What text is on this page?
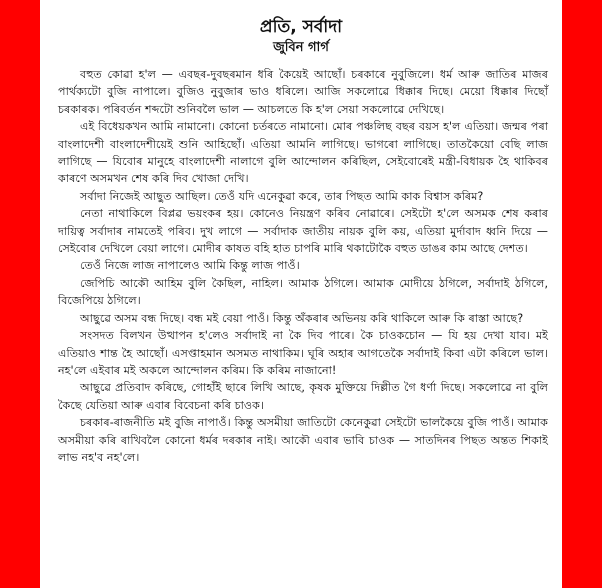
প্ৰতি, সৰ্বাদা
জুবিন গাৰ্গ

বহুত কোৱা হ'ল — এবছৰ-দুবছৰমান ধৰি কৈয়েই আছোঁ। চৰকাৰে নুবুজিলে। ধৰ্ম আৰু জাতিৰ মাজৰ পাৰ্থক্যটো বুজি নাপালে। বুজিও নুবুজাৰ ভাও ধৰিলে। আজি সকলোৱে ধিক্কাৰ দিছে। মেয়ো ধিক্কাৰ দিছোঁ চৰকাৰক। পৰিবৰ্তন শব্দটো শুনিবলৈ ভাল — আচলতে কি হ'ল সেয়া সকলোৱে দেখিছে।

এই বিধেয়কখন আমি নামানো। কোনো চৰ্তৰতে নামানো। মোৰ পঞ্চলিছ বছৰ বয়স হ'ল এতিয়া। জন্মৰ পৰা বাংলাদেশী বাংলাদেশীয়েই শুনি আহিছোঁ। এতিয়া আমনি লাগিছে। ভাগৰো লাগিছে। তাতকৈয়ো বেছি লাজ লাগিছে — যিবোৰ মানুহে বাংলাদেশী নালাগে বুলি আন্দোলন কৰিছিল, সেইবোৰেই মন্ত্ৰী-বিধায়ক হৈ থাকিবৰ কাৰণে অসমখন শেষ কৰি দিব খোজা দেখি।

সৰ্বাদা নিজেই আছুত আছিল। তেওঁ যদি এনেকুৱা কৰে, তাৰ পিছত আমি কাক বিশ্বাস কৰিম?

নেতা নাথাকিলে বিপ্লৱ ভয়ংকৰ হয়। কোনেও নিয়ন্ত্ৰণ কৰিব নোৱাৰে। সেইটো হ'লে অসমক শেষ কৰাৰ দায়িত্ব সৰ্বাদাৰ নামতেই পৰিব। দুখ লাগে — সৰ্বাদাক জাতীয় নায়ক বুলি কয়, এতিয়া মুৰ্দাবাদ ধ্বনি দিয়ে — সেইবোৰ দেখিলে বেয়া লাগে। মোদীৰ কাষত বহি হাত চাপৰি মাৰি থকাটোকৈ বহুত ডাঙৰ কাম আছে দেশত।

তেওঁ নিজে লাজ নাপালেও আমি কিন্তু লাজ পাওঁ।

জেপিচি আকৌ আহিম বুলি কৈছিল, নাহিল। আমাক ঠগিলে। আমাক মোদীয়ে ঠগিলে, সৰ্বাদাই ঠগিলে, বিজেপিয়ে ঠগিলে।

আছুৱে অসম বন্ধ দিছে। বন্ধ মই বেয়া পাওঁ। কিন্তু অঁকৰাৰ অভিনয় কৰি থাকিলে আৰু কি ৰাস্তা আছে?

সংসদত বিলখন উত্থাপন হ'লেও সৰ্বাদাই না কৈ দিব পাৰে। কৈ চাওকচোন — যি হয় দেখা যাব। মই এতিয়াও শান্ত হৈ আছোঁ। এসপ্তাহমান অসমত নাথাকিম। ঘূৰি অহাৰ আগতেকৈ সৰ্বাদাই কিবা এটা কৰিলে ভাল। নহ'লে এইবাৰ মই অকলে আন্দোলন কৰিম। কি কৰিম নাজানো!

আছুৱে প্ৰতিবাদ কৰিছে, গোহাঁই ছাৰে লিখি আছে, কৃষক মুক্তিয়ে দিল্লীত গৈ ধৰ্ণা দিছে। সকলোৱে না বুলি কৈছে যেতিয়া আৰু এবাৰ বিবেচনা কৰি চাওক।

চৰকাৰ-ৰাজনীতি মই বুজি নাপাওঁ। কিন্তু অসমীয়া জাতিটো কেনেকুৱা সেইটো ভালকৈয়ে বুজি পাওঁ। আমাক অসমীয়া কৰি ৰাখিবলৈ কোনো ধৰ্মৰ দৰকাৰ নাই। আকৌ এবাৰ ভাবি চাওক — সাতদিনৰ পিছত অন্তত শিকাই লাভ নহ'ব নহ'লে।
